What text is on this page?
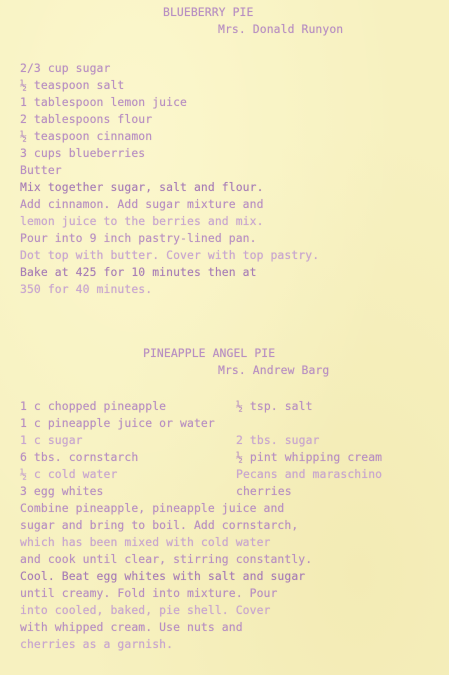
BLUEBERRY PIE
Mrs. Donald Runyon
2/3 cup sugar
½ teaspoon salt
1 tablespoon lemon juice
2 tablespoons flour
½ teaspoon cinnamon
3 cups blueberries
Butter
Mix together sugar, salt and flour.
Add cinnamon. Add sugar mixture and
lemon juice to the berries and mix.
Pour into 9 inch pastry-lined pan.
Dot top with butter. Cover with top pastry.
Bake at 425 for 10 minutes then at
350 for 40 minutes.
PINEAPPLE ANGEL PIE
Mrs. Andrew Barg
1 c chopped pineapple
1 c pineapple juice or water
1 c sugar
6 tbs. cornstarch
½ c cold water
3 egg whites
½ tsp. salt
2 tbs. sugar
½ pint whipping cream
Pecans and maraschino
cherries
Combine pineapple, pineapple juice and
sugar and bring to boil. Add cornstarch,
which has been mixed with cold water
and cook until clear, stirring constantly.
Cool. Beat egg whites with salt and sugar
until creamy. Fold into mixture. Pour
into cooled, baked, pie shell. Cover
with whipped cream. Use nuts and
cherries as a garnish.
